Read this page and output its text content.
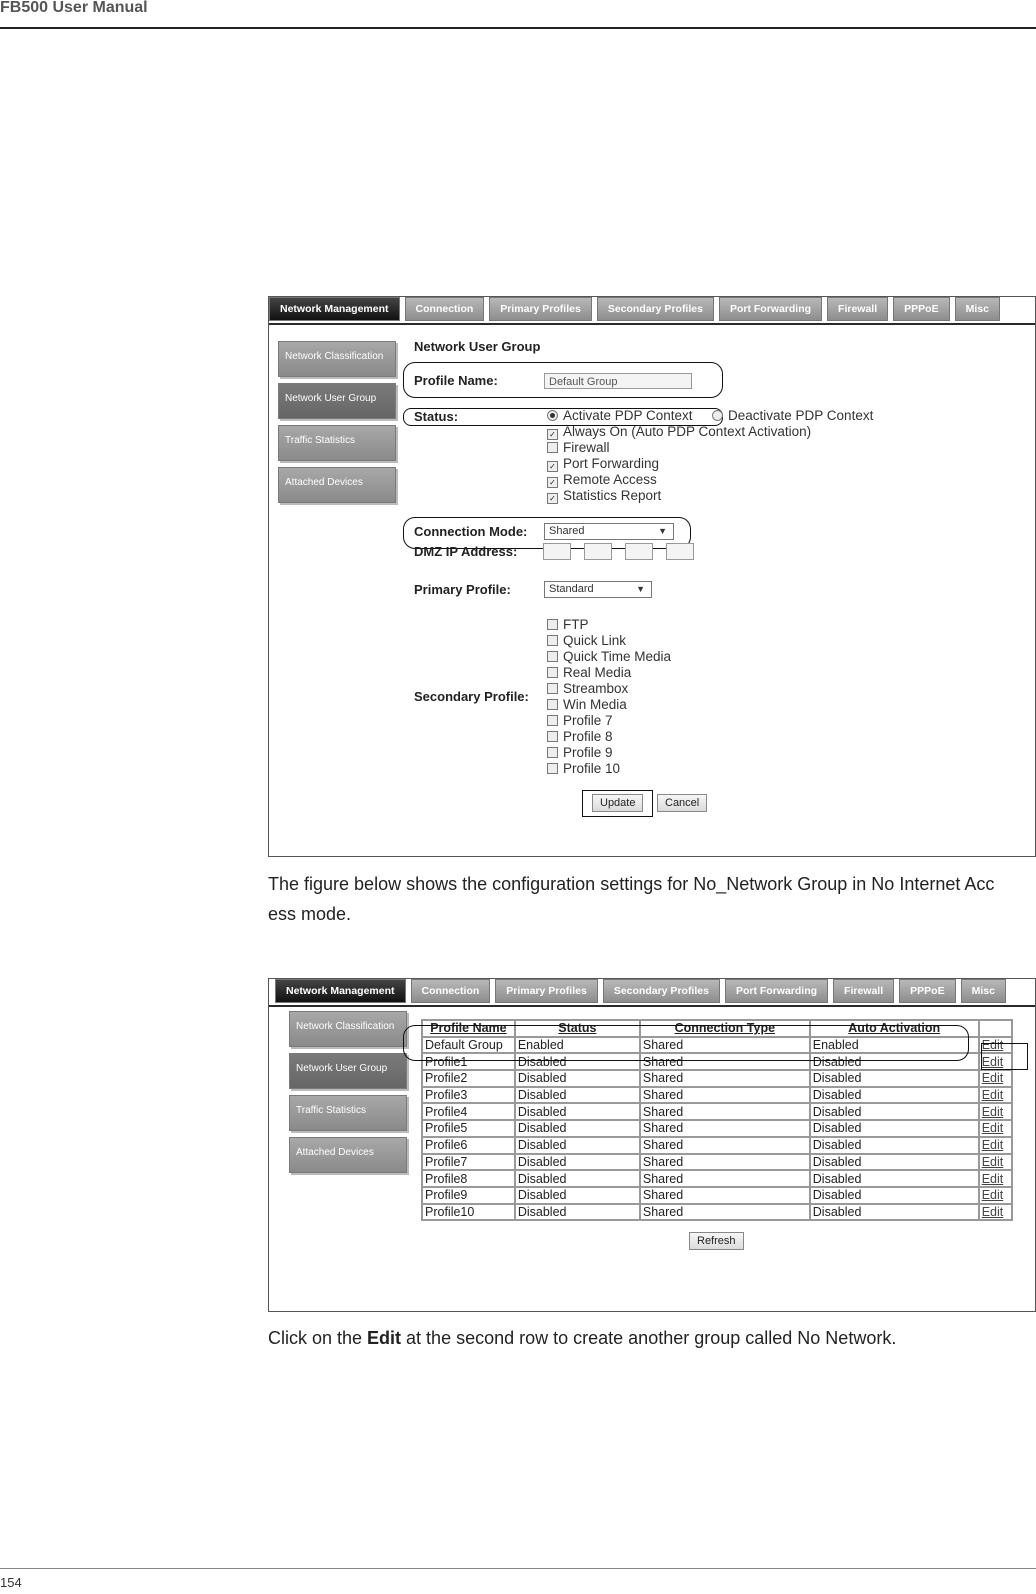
FB500 User Manual
154
Network Management	Connection	Primary Profiles	Secondary Profiles	Port Forwarding	Firewall	PPPoE	Misc
Network Classification
Network User Group
Traffic Statistics
Attached Devices
Network User Group
Profile Name:	Default Group
Status:	Activate PDP Context	Deactivate PDP Context
✓ Always On (Auto PDP Context Activation)
Firewall
✓ Port Forwarding
✓ Remote Access
✓ Statistics Report
Connection Mode:	Shared	▼
DMZ IP Address:
Primary Profile:	Standard	▼
Secondary Profile:
FTP
Quick Link
Quick Time Media
Real Media
Streambox
Win Media
Profile 7
Profile 8
Profile 9
Profile 10
Update	Cancel
The figure below shows the configuration settings for No_Network Group in No Internet Acc ess mode.
Network Management	Connection	Primary Profiles	Secondary Profiles	Port Forwarding	Firewall	PPPoE	Misc
Network Classification
Network User Group
Traffic Statistics
Attached Devices
Profile Name	Status	Connection Type	Auto Activation	
Default Group	Enabled	Shared	Enabled	Edit
Profile1	Disabled	Shared	Disabled	Edit
Profile2	Disabled	Shared	Disabled	Edit
Profile3	Disabled	Shared	Disabled	Edit
Profile4	Disabled	Shared	Disabled	Edit
Profile5	Disabled	Shared	Disabled	Edit
Profile6	Disabled	Shared	Disabled	Edit
Profile7	Disabled	Shared	Disabled	Edit
Profile8	Disabled	Shared	Disabled	Edit
Profile9	Disabled	Shared	Disabled	Edit
Profile10	Disabled	Shared	Disabled	Edit
Refresh
Click on the Edit at the second row to create another group called No Network.
